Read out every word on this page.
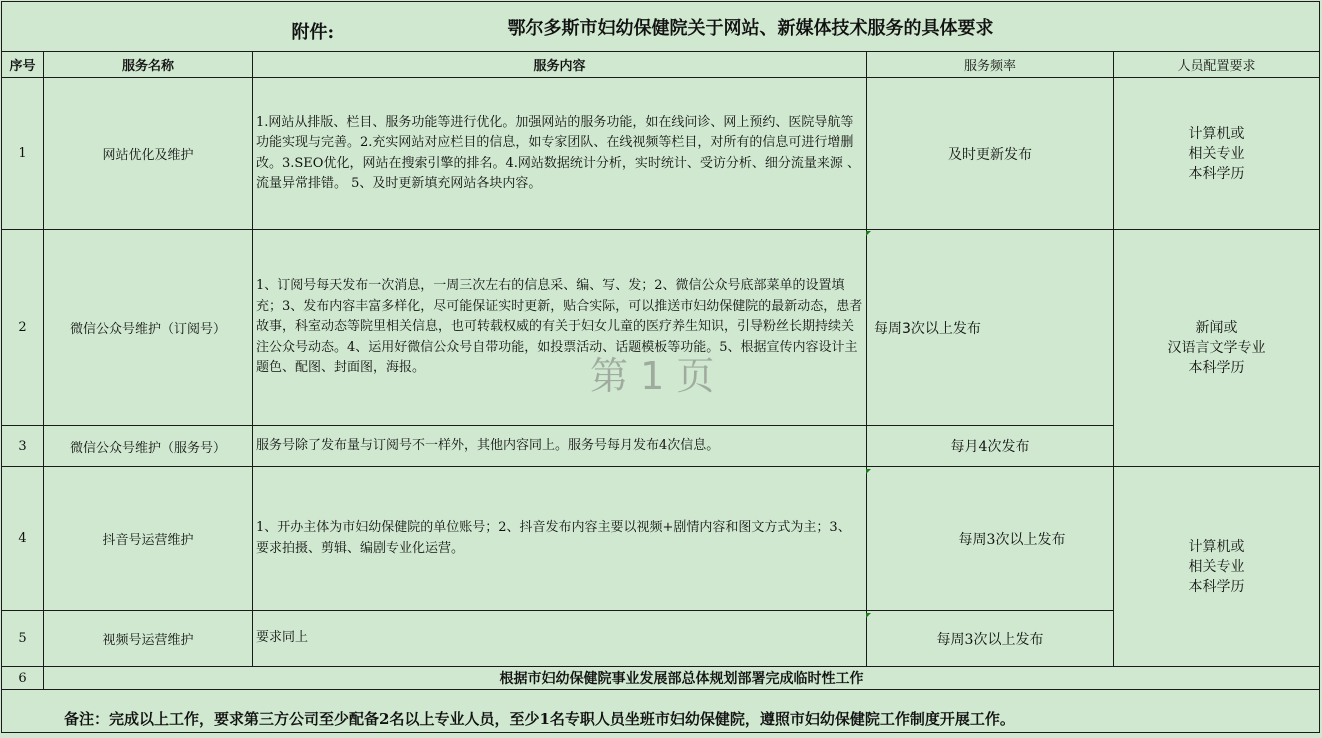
附件: 鄂尔多斯市妇幼保健院关于网站、新媒体技术服务的具体要求				

序号	服务名称	服务内容	服务频率	人员配置要求
1	网站优化及维护	1.网站从排版、栏目、服务功能等进行优化。加强网站的服务功能，如在线问诊、网上预约、医院导航等功能实现与完善。2.充实网站对应栏目的信息，如专家团队、在线视频等栏目，对所有的信息可进行增删改。3.SEO优化，网站在搜索引擎的排名。4.网站数据统计分析，实时统计、受访分析、细分流量来源 、流量异常排错。 5、及时更新填充网站各块内容。	及时更新发布	计算机或
相关专业
本科学历

2	微信公众号维护（订阅号）	1、订阅号每天发布一次消息，一周三次左右的信息采、编、写、发；2、微信公众号底部菜单的设置填充；3、发布内容丰富多样化，尽可能保证实时更新，贴合实际，可以推送市妇幼保健院的最新动态，患者故事，科室动态等院里相关信息，也可转载权威的有关于妇女儿童的医疗养生知识，引导粉丝长期持续关注公众号动态。4、运用好微信公众号自带功能，如投票活动、话题模板等功能。5、根据宣传内容设计主题色、配图、封面图，海报。	每周3次以上发布	新闻或
汉语言文学专业
本科学历

3	微信公众号维护（服务号）	服务号除了发布量与订阅号不一样外，其他内容同上。服务号每月发布4次信息。	每月4次发布	
4	抖音号运营维护	1、开办主体为市妇幼保健院的单位账号；2、抖音发布内容主要以视频+剧情内容和图文方式为主；3、要求拍摄、剪辑、编剧专业化运营。	每周3次以上发布	计算机或
相关专业
本科学历

5	视频号运营维护	要求同上	每周3次以上发布	
6	根据市妇幼保健院事业发展部总体规划部署完成临时性工作			
备注：完成以上工作，要求第三方公司至少配备2名以上专业人员，至少1名专职人员坐班市妇幼保健院，遵照市妇幼保健院工作制度开展工作。				
第 1 页
